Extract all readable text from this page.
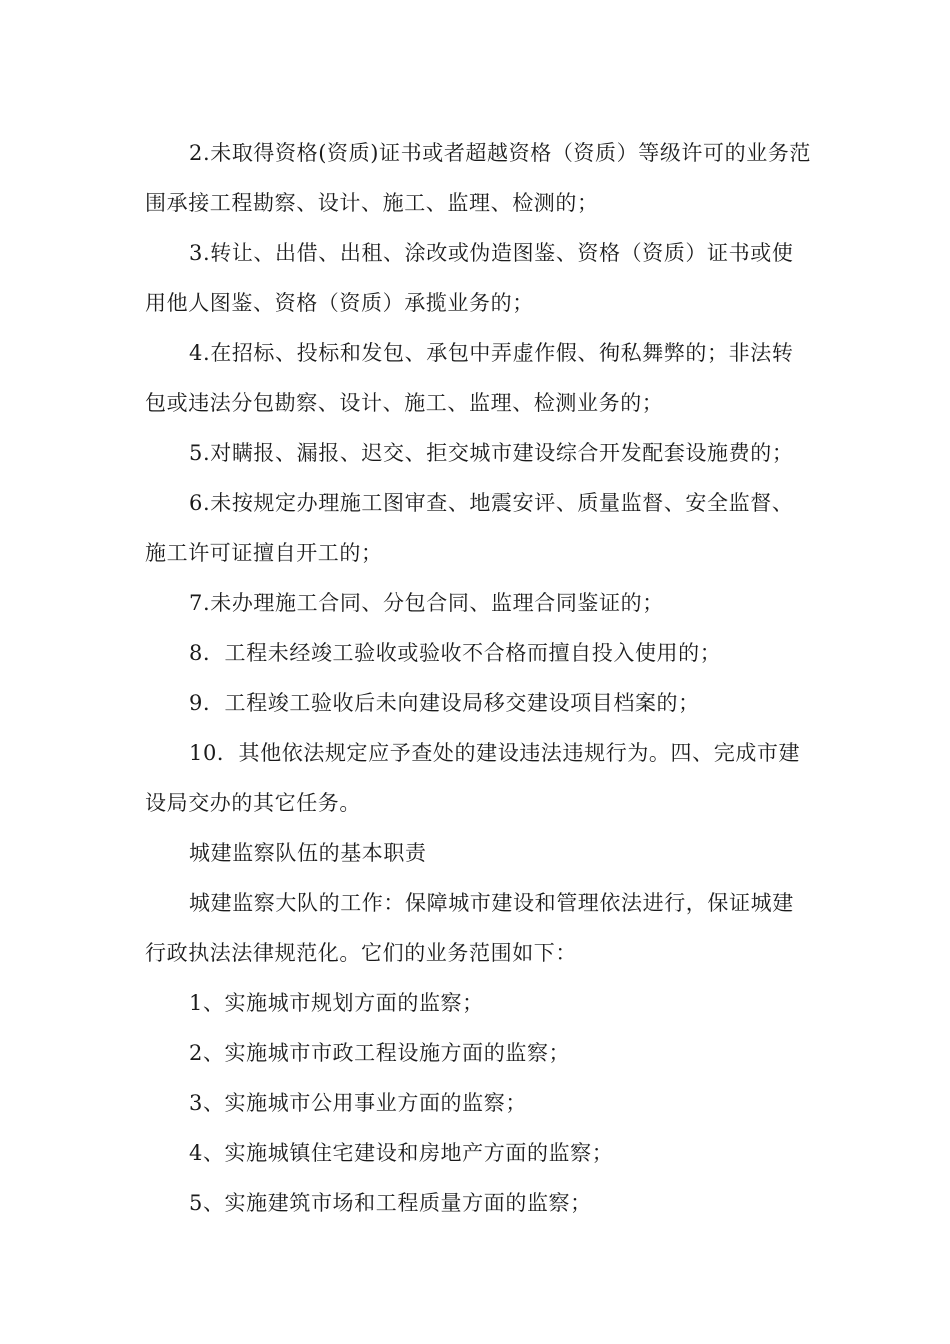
2.未取得资格(资质)证书或者超越资格（资质）等级许可的业务范围承接工程勘察、设计、施工、监理、检测的；

3.转让、出借、出租、涂改或伪造图鉴、资格（资质）证书或使用他人图鉴、资格（资质）承揽业务的；

4.在招标、投标和发包、承包中弄虚作假、徇私舞弊的；非法转包或违法分包勘察、设计、施工、监理、检测业务的；

5.对瞒报、漏报、迟交、拒交城市建设综合开发配套设施费的；

6.未按规定办理施工图审查、地震安评、质量监督、安全监督、施工许可证擅自开工的；

7.未办理施工合同、分包合同、监理合同鉴证的；

8．工程未经竣工验收或验收不合格而擅自投入使用的；

9．工程竣工验收后未向建设局移交建设项目档案的；

10．其他依法规定应予查处的建设违法违规行为。四、完成市建设局交办的其它任务。

城建监察队伍的基本职责

城建监察大队的工作：保障城市建设和管理依法进行，保证城建行政执法法律规范化。它们的业务范围如下：

1、实施城市规划方面的监察；

2、实施城市市政工程设施方面的监察；

3、实施城市公用事业方面的监察；

4、实施城镇住宅建设和房地产方面的监察；

5、实施建筑市场和工程质量方面的监察；
